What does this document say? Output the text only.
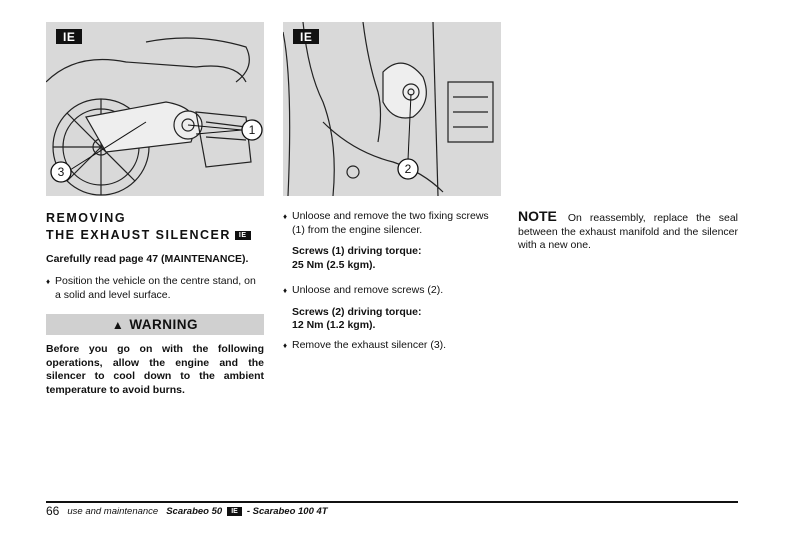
1
3
IE
2
IE
REMOVING
THE EXHAUST SILENCER IE

Carefully read page 47 (MAINTENANCE).

♦ Position the vehicle on the centre stand, on a solid and level surface.

▲ WARNING
Before you go on with the following operations, allow the engine and the silencer to cool down to the ambient temperature to avoid burns.

♦ Unloose and remove the two fixing screws (1) from the engine silencer.

Screws (1) driving torque:
25 Nm (2.5 kgm).

♦ Unloose and remove screws (2).

Screws (2) driving torque:
12 Nm (1.2 kgm).

♦ Remove the exhaust silencer (3).

NOTE On reassembly, replace the seal between the exhaust manifold and the silencer with a new one.
66 use and maintenance Scarabeo 50	IE - Scarabeo 100 4T
